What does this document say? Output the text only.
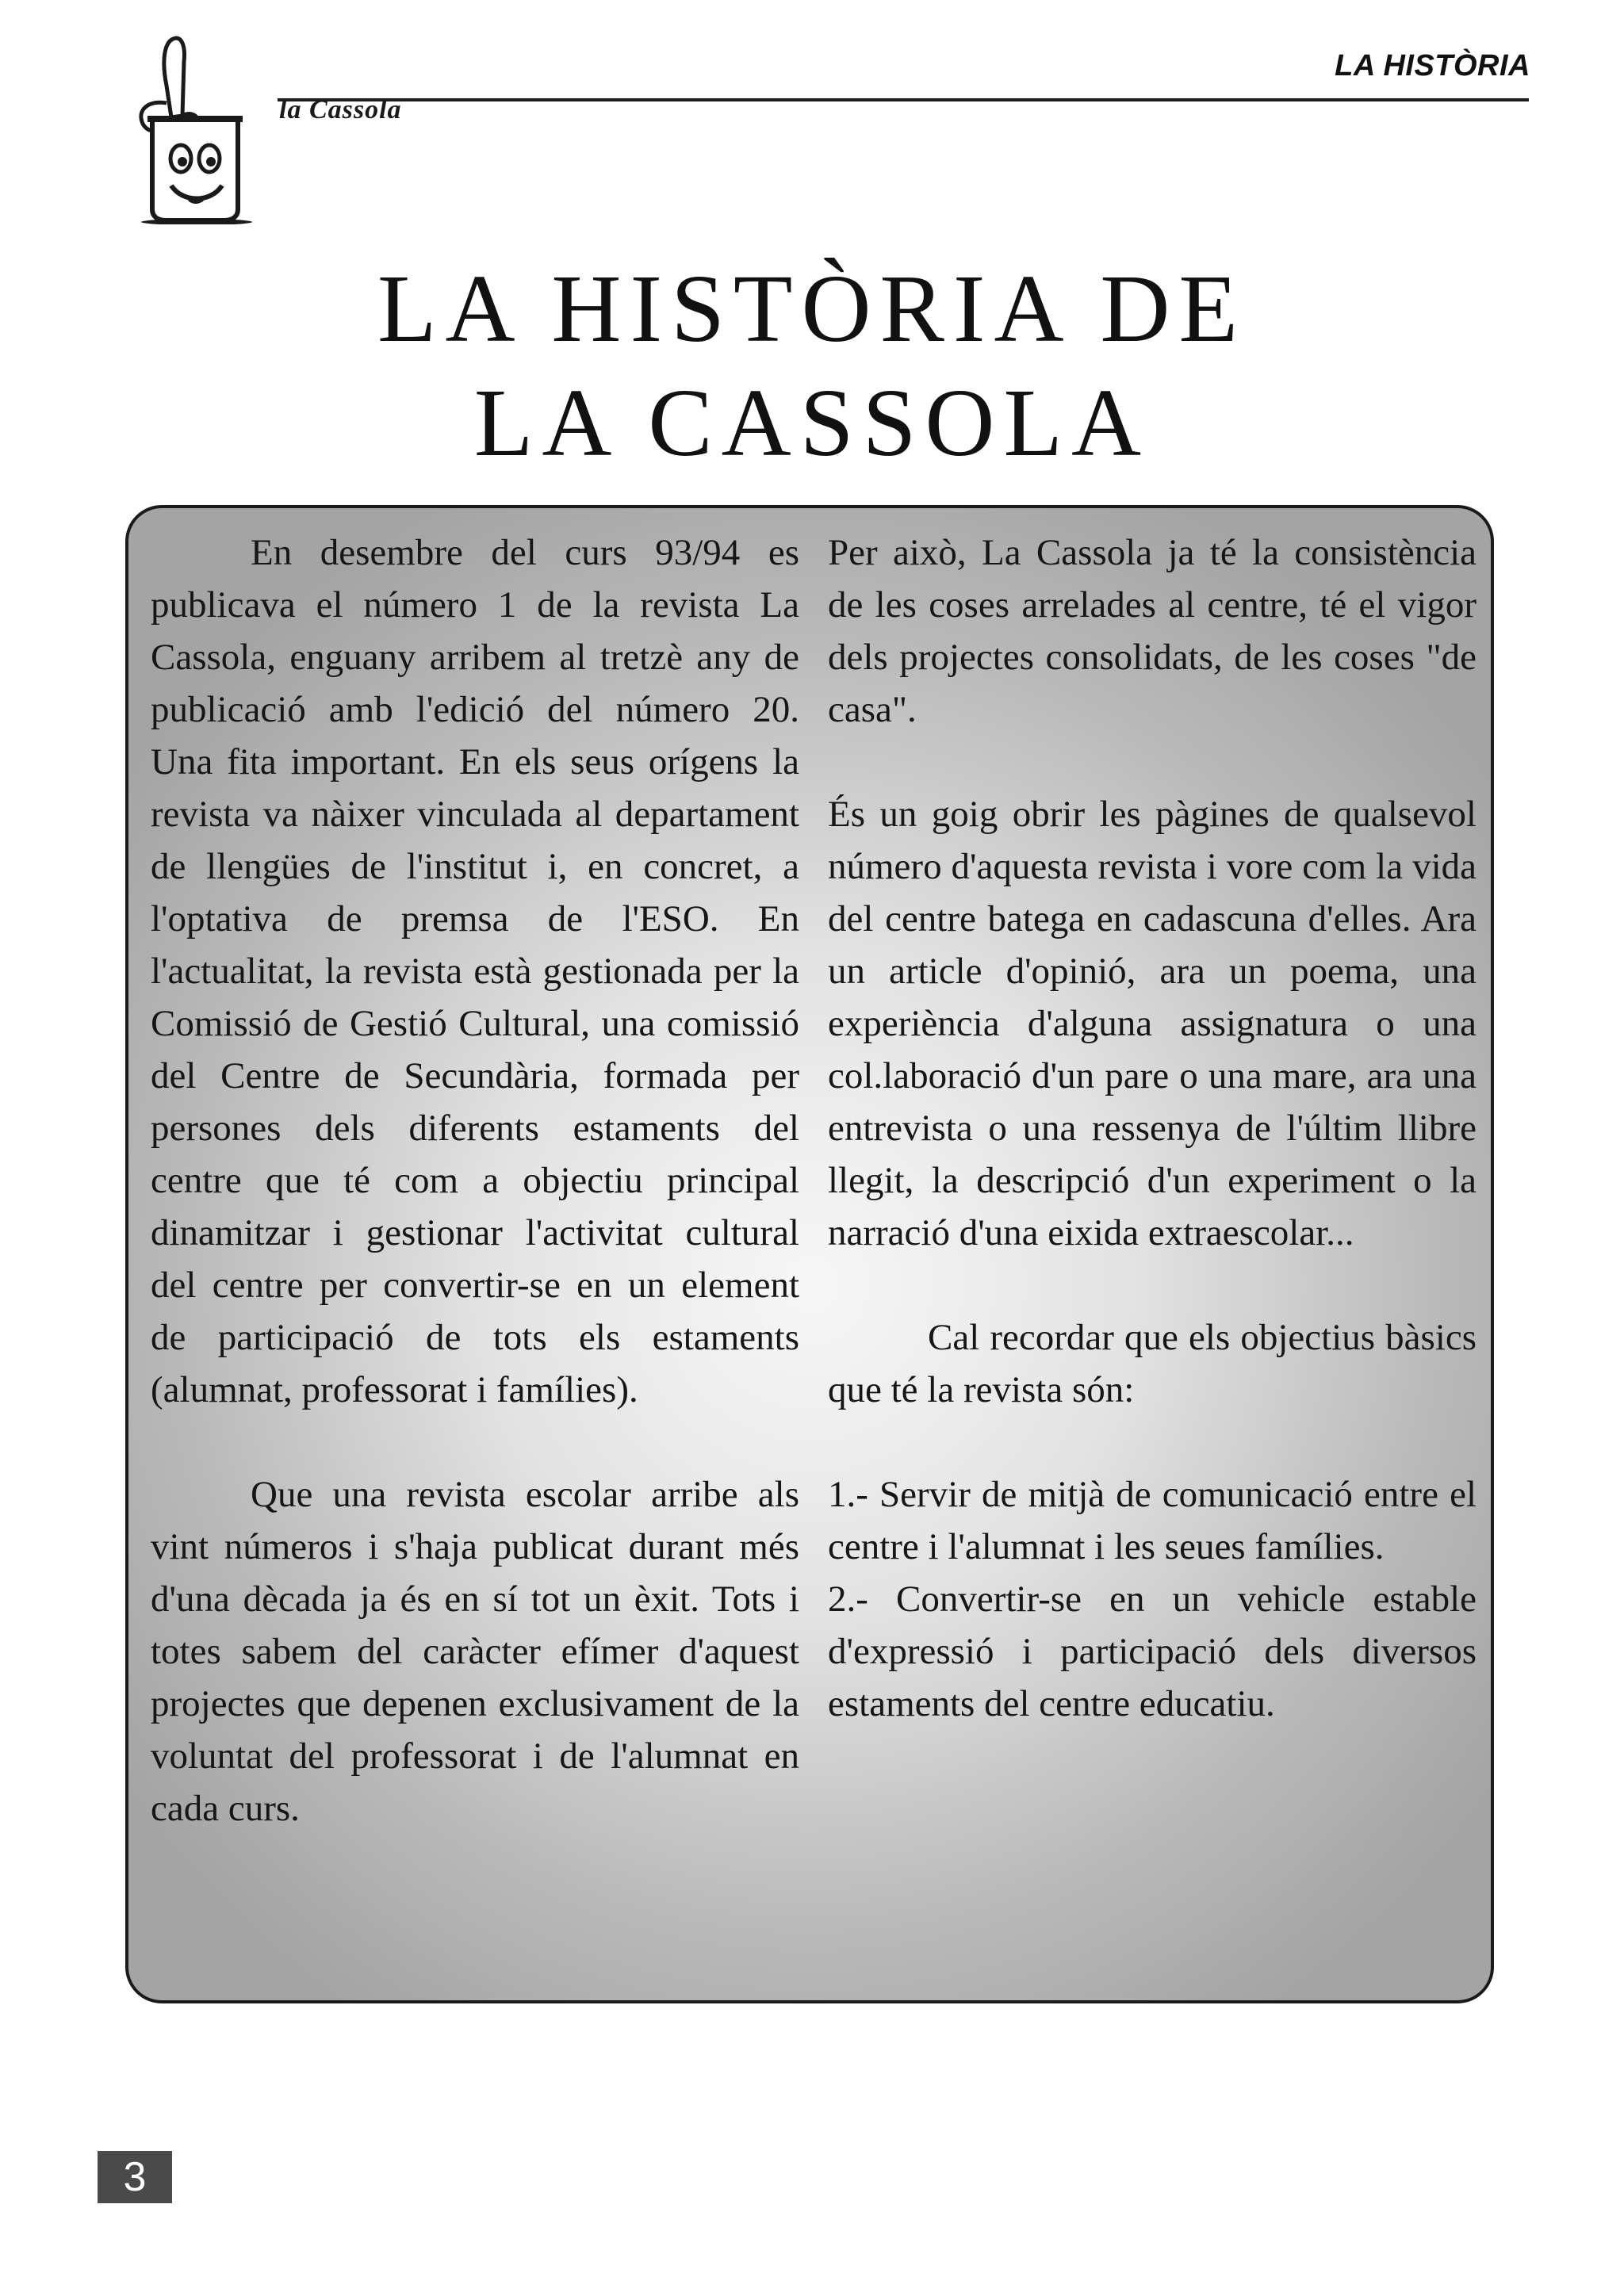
la Cassola
LA HISTÒRIA
LA HISTÒRIA DE
LA CASSOLA

En desembre del curs 93/94 es publicava el número 1 de la revista La Cassola, enguany arribem al tretzè any de publicació amb l'edició del número 20. Una fita important. En els seus orígens la revista va nàixer vinculada al departament de llengües de l'institut i, en concret, a l'optativa de premsa de l'ESO. En l'actualitat, la revista està gestionada per la Comissió de Gestió Cultural, una comissió del Centre de Secundària, formada per persones dels diferents estaments del centre que té com a objectiu principal dinamitzar i gestionar l'activitat cultural del centre per convertir-se en un element de participació de tots els estaments (alumnat, professorat i famílies).

Que una revista escolar arribe als vint números i s'haja publicat durant més d'una dècada ja és en sí tot un èxit. Tots i totes sabem del caràcter efímer d'aquest projectes que depenen exclusivament de la voluntat del professorat i de l'alumnat en cada curs.

Per això, La Cassola ja té la consistència de les coses arrelades al centre, té el vigor dels projectes consolidats, de les coses "de casa".

És un goig obrir les pàgines de qualsevol número d'aquesta revista i vore com la vida del centre batega en cadascuna d'elles. Ara un article d'opinió, ara un poema, una experiència d'alguna assignatura o una col.laboració d'un pare o una mare, ara una entrevista o una ressenya de l'últim llibre llegit, la descripció d'un experiment o la narració d'una eixida extraescolar...

Cal recordar que els objectius bàsics que té la revista són:

1.- Servir de mitjà de comunicació entre el centre i l'alumnat i les seues famílies.
2.- Convertir-se en un vehicle estable d'expressió i participació dels diversos estaments del centre educatiu.

3
